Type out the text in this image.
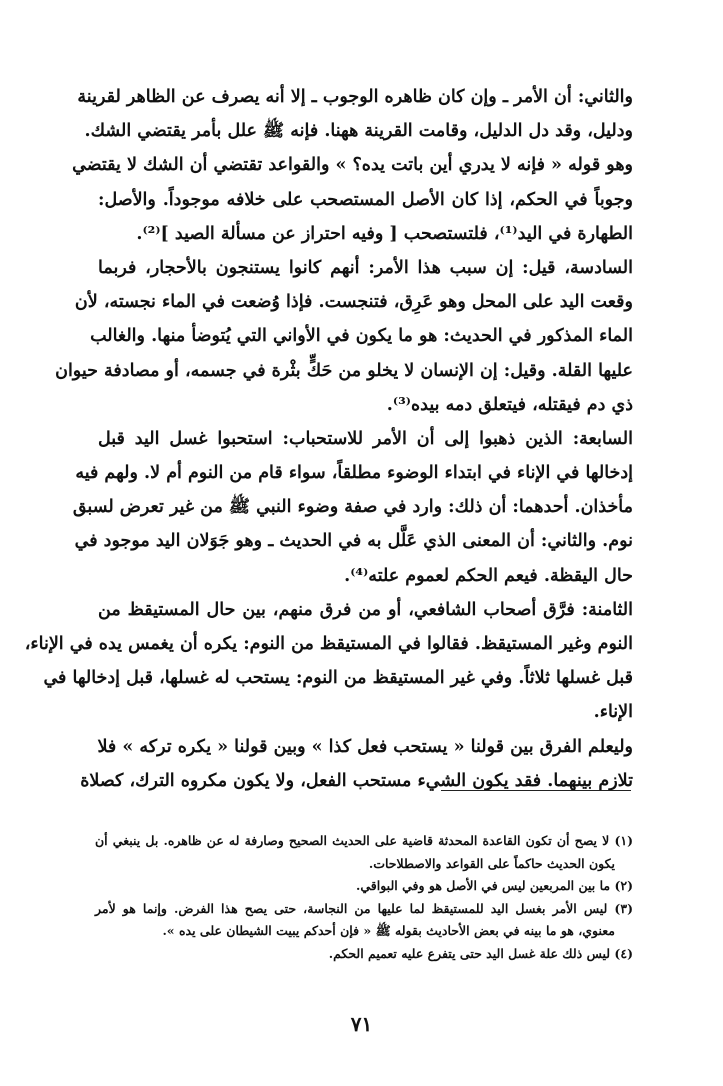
والثاني: أن الأمر ـ وإن كان ظاهره الوجوب ـ إلا أنه يصرف عن الظاهر لقرينة
ودليل، وقد دل الدليل، وقامت القرينة ههنا. فإنه ﷺ علل بأمر يقتضي الشك.
وهو قوله « فإنه لا يدري أين باتت يده؟ » والقواعد تقتضي أن الشك لا يقتضي
وجوباً في الحكم، إذا كان الأصل المستصحب على خلافه موجوداً. والأصل:
الطهارة في اليد⁽¹⁾، فلتستصحب [ وفيه احتراز عن مسألة الصيد ]⁽²⁾.
السادسة، قيل: إن سبب هذا الأمر: أنهم كانوا يستنجون بالأحجار، فربما
وقعت اليد على المحل وهو عَرِق، فتنجست. فإذا وُضعت في الماء نجسته، لأن
الماء المذكور في الحديث: هو ما يكون في الأواني التي يُتوضأ منها. والغالب
عليها القلة. وقيل: إن الإنسان لا يخلو من حَكٍّ بثْرة في جسمه، أو مصادفة حيوان
ذي دم فيقتله، فيتعلق دمه بيده⁽³⁾.
السابعة: الذين ذهبوا إلى أن الأمر للاستحباب: استحبوا غسل اليد قبل
إدخالها في الإناء في ابتداء الوضوء مطلقاً، سواء قام من النوم أم لا. ولهم فيه
مأخذان. أحدهما: أن ذلك: وارد في صفة وضوء النبي ﷺ من غير تعرض لسبق
نوم. والثاني: أن المعنى الذي عَلَّل به في الحديث ـ وهو جَوَلان اليد موجود في
حال اليقظة. فيعم الحكم لعموم علته⁽⁴⁾.
الثامنة: فرَّق أصحاب الشافعي، أو من فرق منهم، بين حال المستيقظ من
النوم وغير المستيقظ. فقالوا في المستيقظ من النوم: يكره أن يغمس يده في الإناء،
قبل غسلها ثلاثاً. وفي غير المستيقظ من النوم: يستحب له غسلها، قبل إدخالها في
الإناء.
وليعلم الفرق بين قولنا « يستحب فعل كذا » وبين قولنا « يكره تركه » فلا
تلازم بينهما. فقد يكون الشيء مستحب الفعل، ولا يكون مكروه الترك، كصلاة
(١) لا يصح أن تكون القاعدة المحدثة قاضية على الحديث الصحيح وصارفة له عن ظاهره. بل ينبغي أن
يكون الحديث حاكماً على القواعد والاصطلاحات.
(٢) ما بين المربعين ليس في الأصل هو وفي البواقي.
(٣) ليس الأمر بغسل اليد للمستيقظ لما عليها من النجاسة، حتى يصح هذا الفرض. وإنما هو لأمر
معنوي، هو ما بينه في بعض الأحاديث بقوله ﷺ « فإن أحدكم يبيت الشيطان على يده ».
(٤) ليس ذلك علة غسل اليد حتى يتفرع عليه تعميم الحكم.
٧١
